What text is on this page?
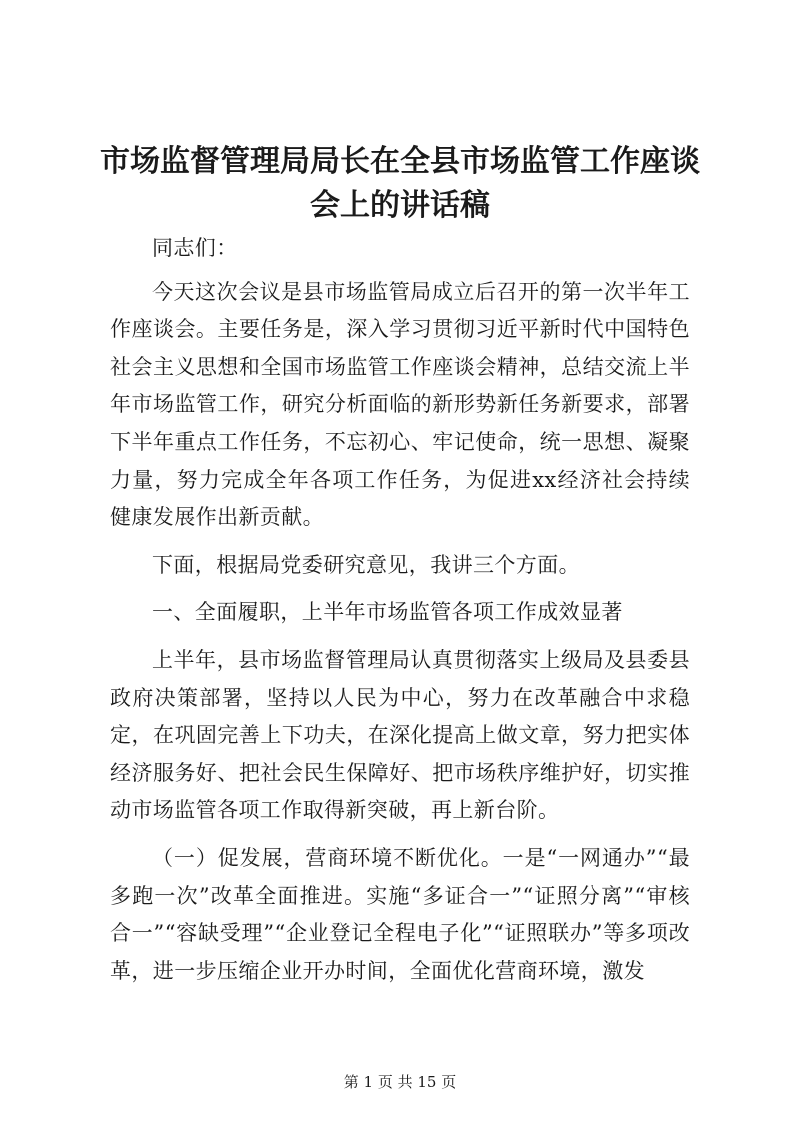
市场监督管理局局长在全县市场监管工作座谈会上的讲话稿

同志们：

今天这次会议是县市场监管局成立后召开的第一次半年工作座谈会。主要任务是，深入学习贯彻习近平新时代中国特色社会主义思想和全国市场监管工作座谈会精神，总结交流上半年市场监管工作，研究分析面临的新形势新任务新要求，部署下半年重点工作任务，不忘初心、牢记使命，统一思想、凝聚力量，努力完成全年各项工作任务，为促进xx经济社会持续健康发展作出新贡献。

下面，根据局党委研究意见，我讲三个方面。

一、全面履职，上半年市场监管各项工作成效显著

上半年，县市场监督管理局认真贯彻落实上级局及县委县政府决策部署，坚持以人民为中心，努力在改革融合中求稳定，在巩固完善上下功夫，在深化提高上做文章，努力把实体经济服务好、把社会民生保障好、把市场秩序维护好，切实推动市场监管各项工作取得新突破，再上新台阶。

（一）促发展，营商环境不断优化。一是“一网通办”“最多跑一次”改革全面推进。实施“多证合一”“证照分离”“审核合一”“容缺受理”“企业登记全程电子化”“证照联办”等多项改革，进一步压缩企业开办时间，全面优化营商环境，激发

第 1 页 共 15 页
